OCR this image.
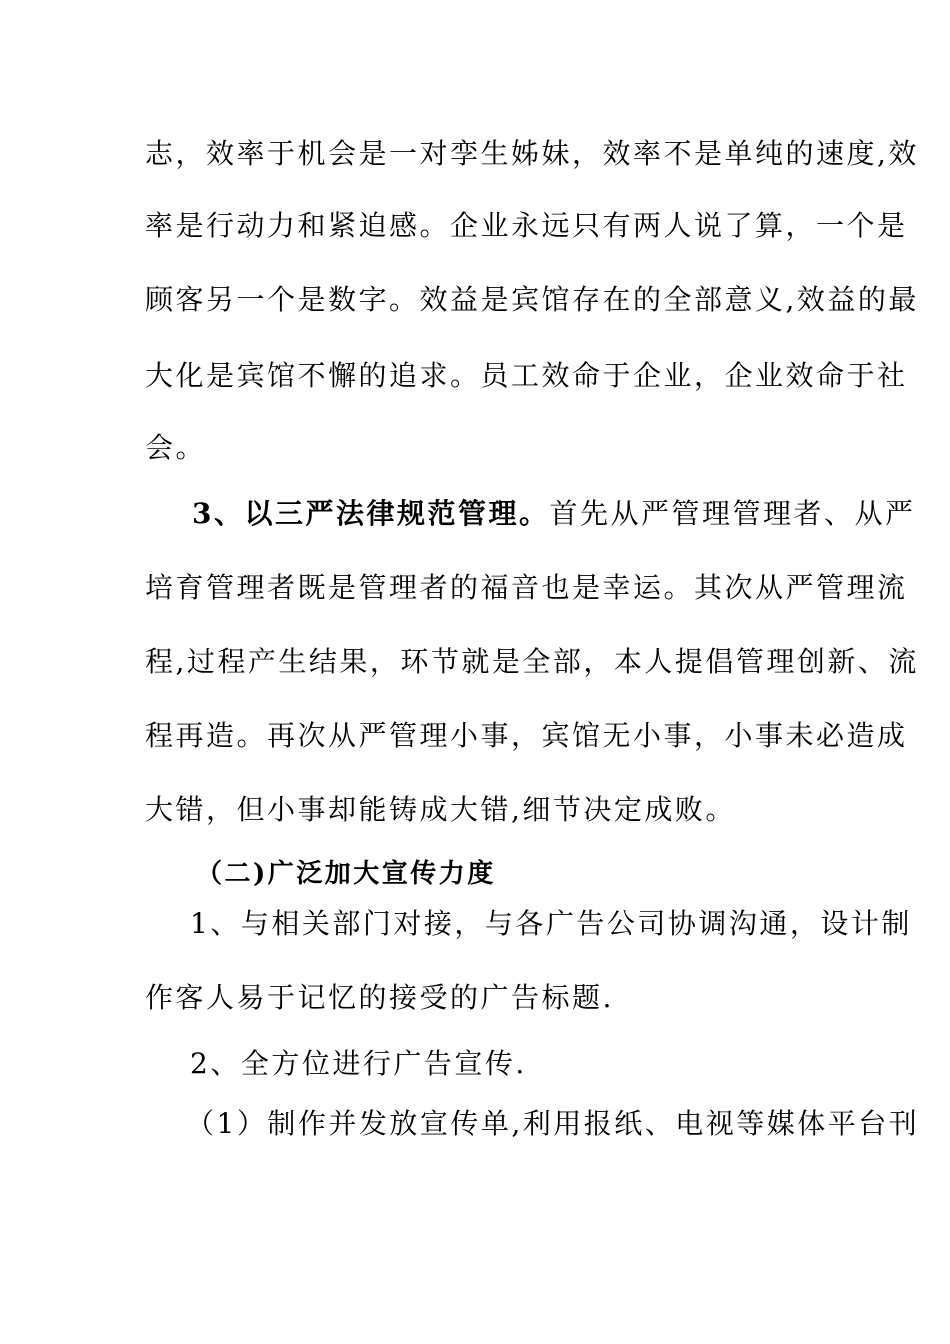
志，效率于机会是一对孪生姊妹，效率不是单纯的速度,效
率是行动力和紧迫感。企业永远只有两人说了算，一个是
顾客另一个是数字。效益是宾馆存在的全部意义,效益的最
大化是宾馆不懈的追求。员工效命于企业，企业效命于社
会。
3、以三严法律规范管理。首先从严管理管理者、从严
培育管理者既是管理者的福音也是幸运。其次从严管理流
程,过程产生结果，环节就是全部，本人提倡管理创新、流
程再造。再次从严管理小事，宾馆无小事，小事未必造成
大错，但小事却能铸成大错,细节决定成败。
（二)广泛加大宣传力度
1、与相关部门对接，与各广告公司协调沟通，设计制
作客人易于记忆的接受的广告标题.
2、全方位进行广告宣传.
（1）制作并发放宣传单,利用报纸、电视等媒体平台刊
